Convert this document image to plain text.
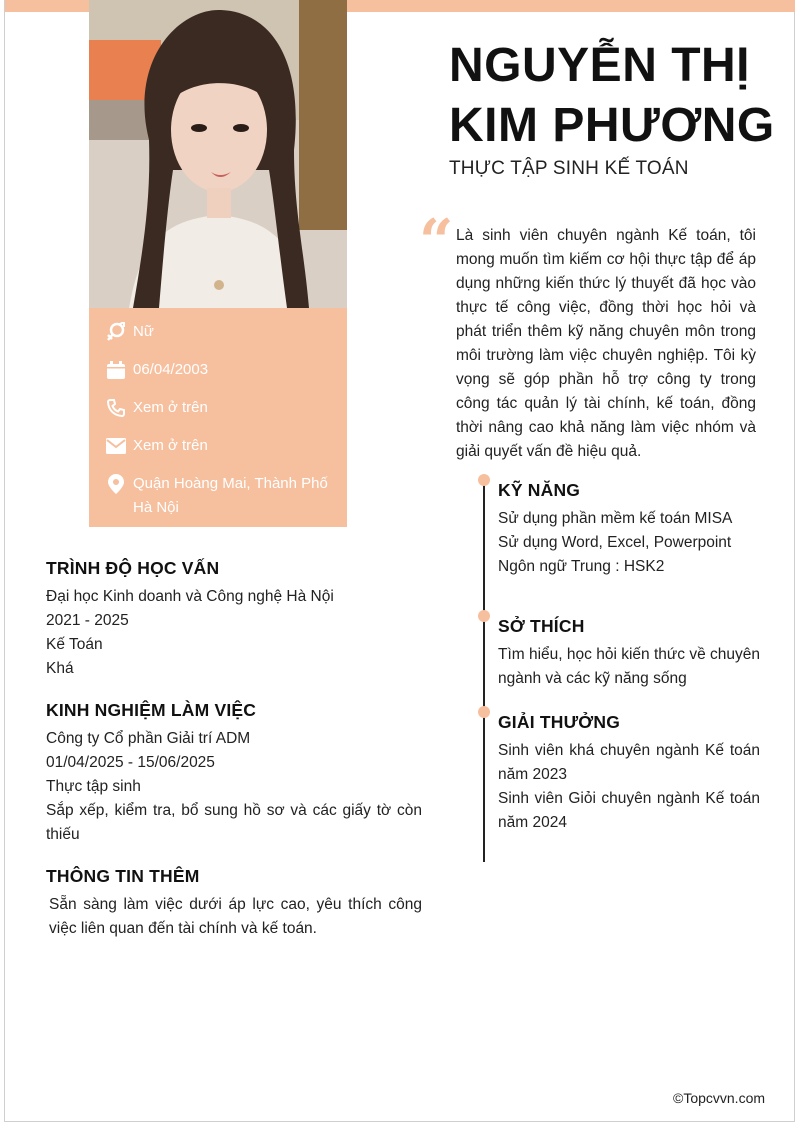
Nữ
06/04/2003
Xem ở trên
Xem ở trên
Quận Hoàng Mai, Thành Phố Hà Nội
NGUYỄN THỊ
KIM PHƯƠNG
THỰC TẬP SINH KẾ TOÁN
“ Là sinh viên chuyên ngành Kế toán, tôi mong muốn tìm kiếm cơ hội thực tập để áp dụng những kiến thức lý thuyết đã học vào thực tế công việc, đồng thời học hỏi và phát triển thêm kỹ năng chuyên môn trong môi trường làm việc chuyên nghiệp. Tôi kỳ vọng sẽ góp phần hỗ trợ công ty trong công tác quản lý tài chính, kế toán, đồng thời nâng cao khả năng làm việc nhóm và giải quyết vấn đề hiệu quả.
TRÌNH ĐỘ HỌC VẤN
Đại học Kinh doanh và Công nghệ Hà Nội
2021 - 2025
Kế Toán
Khá
KINH NGHIỆM LÀM VIỆC
Công ty Cổ phần Giải trí ADM
01/04/2025 - 15/06/2025
Thực tập sinh
Sắp xếp, kiểm tra, bổ sung hồ sơ và các giấy tờ còn thiếu
THÔNG TIN THÊM
Sẵn sàng làm việc dưới áp lực cao, yêu thích công việc liên quan đến tài chính và kế toán.
KỸ NĂNG
Sử dụng phần mềm kế toán MISA
Sử dụng Word, Excel, Powerpoint
Ngôn ngữ Trung : HSK2
SỞ THÍCH
Tìm hiểu, học hỏi kiến thức về chuyên ngành và các kỹ năng sống
GIẢI THƯỞNG
Sinh viên khá chuyên ngành Kế toán năm 2023
Sinh viên Giỏi chuyên ngành Kế toán năm 2024
©Topcvvn.com
